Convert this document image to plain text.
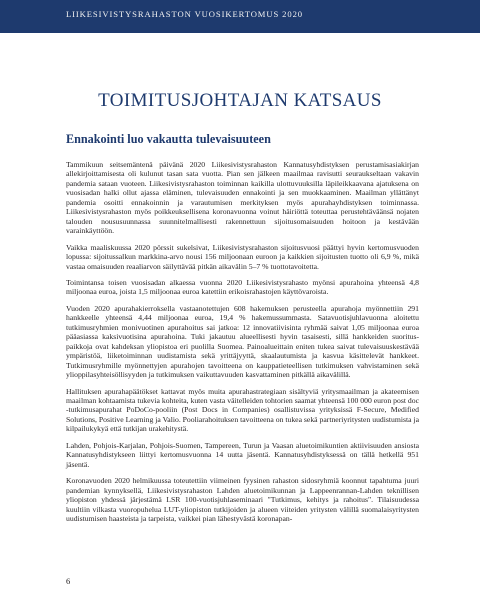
LIIKESIVISTYSRAHASTON VUOSIKERTOMUS 2020
TOIMITUSJOHTAJAN KATSAUS
Ennakointi luo vakautta tulevaisuuteen

Tammikuun seitsemäntenä päivänä 2020 Liikesivistysrahaston Kannatusyhdistyksen perustamisasiakirjan allekirjoittamisesta oli kulunut tasan sata vuotta. Pian sen jälkeen maailmaa ravisutti seuraukseltaan vakavin pandemia sataan vuoteen. Liikesivistysrahaston toiminnan kaikilla ulottuvuuksilla läpileikkaavana ajatuksena on vuosisadan halki ollut ajassa eläminen, tulevaisuuden ennakointi ja sen muokkaaminen. Maailman yllättänyt pandemia osoitti ennakoinnin ja varautumisen merkityksen myös apurahayhdistyksen toiminnassa. Liikesivistysrahaston myös poikkeuksellisena koronavuonna voinut häiriöttä toteuttaa perustehtäväänsä nojaten talouden noususuunnassa suunnitelmallisesti rakennettuun sijoitusomaisuuden hoitoon ja kestävään varainkäyttöön.

Vaikka maaliskuussa 2020 pörssit sukelsivat, Liikesivistysrahaston sijoitusvuosi päättyi hyvin kertomusvuoden lopussa: sijoitussalkun markkina-arvo nousi 156 miljoonaan euroon ja kaikkien sijoitusten tuotto oli 6,9 %, mikä vastaa omaisuuden reaaliarvon säilyttävää pitkän aikavälin 5–7 % tuottotavoitetta.

Toimintansa toisen vuosisadan alkaessa vuonna 2020 Liikesivistysrahasto myönsi apurahoina yhteensä 4,8 miljoonaa euroa, joista 1,5 miljoonaa euroa katettiin erikoisrahastojen käyttövaroista.

Vuoden 2020 apurahakierroksella vastaanotettujen 608 hakemuksen perusteella apurahoja myönnettiin 291 hankkeelle yhteensä 4,44 miljoonaa euroa, 19,4 % hakemussummasta. Satavuotisjuhlavuonna aloitettu tutkimusryhmien monivuotinen apurahoitus sai jatkoa: 12 innovatiivisinta ryhmää saivat 1,05 miljoonaa euroa pääasiassa kaksivuotisina apurahoina. Tuki jakautuu alueellisesti hyvin tasaisesti, sillä hankkeiden suorituspaikkoja ovat kahdeksan yliopistoa eri puolilla Suomea. Painoalueittain eniten tukea saivat tulevaisuuskestävää ympäristöä, liiketoiminnan uudistamista sekä yrittäjyyttä, skaalautumista ja kasvua käsittelevät hankkeet. Tutkimusryhmille myönnettyjen apurahojen tavoitteena on kauppatieteellisen tutkimuksen vahvistaminen sekä ylioppilasyhteisöllisyyden ja tutkimuksen vaikuttavuuden kasvattaminen pitkällä aikavälillä.

Hallituksen apurahapäätökset kattavat myös muita apurahastrategiaan sisältyviä yritysmaailman ja akateemisen maailman kohtaamista tukevia kohteita, kuten vasta väitelleiden tohtorien saamat yhteensä 100 000 euron post doc -tutkimusapurahat PoDoCo-pooliin (Post Docs in Companies) osallistuvissa yrityksissä F-Secure, Medified Solutions, Positive Learning ja Valio. Pooliarahoituksen tavoitteena on tukea sekä partneriyritysten uudistumista ja kilpailukykyä että tutkijan urakehitystä.

Lahden, Pohjois-Karjalan, Pohjois-Suomen, Tampereen, Turun ja Vaasan aluetoimikuntien aktiivisuuden ansiosta Kannatusyhdistykseen liittyi kertomusvuonna 14 uutta jäsentä. Kannatusyhdistyksessä on tällä hetkellä 951 jäsentä.

Koronavuoden 2020 helmikuussa toteutettiin viimeinen fyysinen rahaston sidosryhmiä koonnut tapahtuma juuri pandemian kynnyksellä, Liikesivistysrahaston Lahden aluetoimikunnan ja Lappeenrannan-Lahden teknillisen yliopiston yhdessä järjestämä LSR 100-vuotisjuhlaseminaari "Tutkimus, kehitys ja rahoitus". Tilaisuudessa kuultiin vilkasta vuoropuhelua LUT-yliopiston tutkijoiden ja alueen viiteiden yritysten välillä suomalaisyritysten uudistumisen haasteista ja tarpeista, vaikkei pian lähestyvästä koronapan-

6
